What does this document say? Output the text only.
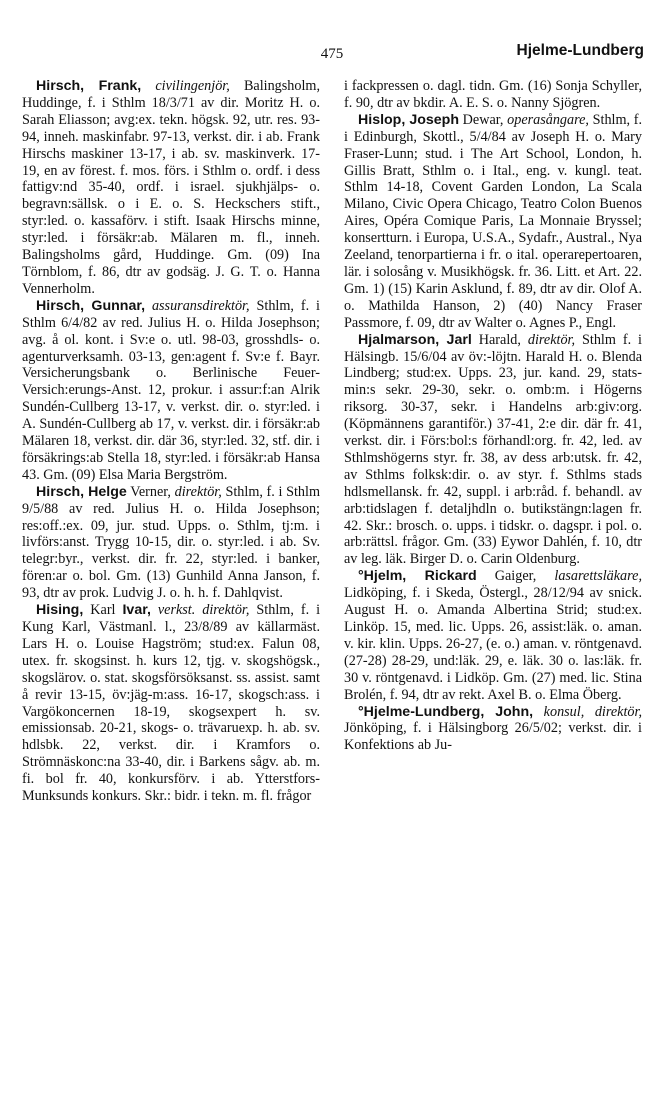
475	Hjelme-Lundberg

Hirsch, Frank, civilingenjör, Balingsholm, Huddinge, f. i Sthlm 18/3/71 av dir. Moritz H. o. Sarah Eliasson; avg:ex. tekn. högsk. 92, utr. res. 93-94, inneh. maskinfabr. 97-13, verkst. dir. i ab. Frank Hirschs maskiner 13-17, i ab. sv. maskinverk. 17-19, en av förest. f. mos. förs. i Sthlm o. ordf. i dess fattigv:nd 35-40, ordf. i israel. sjukhjälps- o. begravn:sällsk. o i E. o. S. Heckschers stift., styr:led. o. kassaförv. i stift. Isaak Hirschs minne, styr:led. i försäkr:ab. Mälaren m. fl., inneh. Balingsholms gård, Huddinge. Gm. (09) Ina Törnblom, f. 86, dtr av godsäg. J. G. T. o. Hanna Vennerholm.

Hirsch, Gunnar, assuransdirektör, Sthlm, f. i Sthlm 6/4/82 av red. Julius H. o. Hilda Josephson; avg. å ol. kont. i Sv:e o. utl. 98-03, grosshdls- o. agenturverksamh. 03-13, gen:agent f. Sv:e f. Bayr. Versicherungsbank o. Berlinische Feuer-Versich:erungs-Anst. 12, prokur. i assur:f:an Alrik Sundén-Cullberg 13-17, v. verkst. dir. o. styr:led. i A. Sundén-Cullberg ab 17, v. verkst. dir. i försäkr:ab Mälaren 18, verkst. dir. där 36, styr:led. 32, stf. dir. i försäkrings:ab Stella 18, styr:led. i försäkr:ab Hansa 43. Gm. (09) Elsa Maria Bergström.

Hirsch, Helge Verner, direktör, Sthlm, f. i Sthlm 9/5/88 av red. Julius H. o. Hilda Josephson; res:off.:ex. 09, jur. stud. Upps. o. Sthlm, tj:m. i livförs:anst. Trygg 10-15, dir. o. styr:led. i ab. Sv. telegr:byr., verkst. dir. fr. 22, styr:led. i banker, fören:ar o. bol. Gm. (13) Gunhild Anna Janson, f. 93, dtr av prok. Ludvig J. o. h. h. f. Dahlqvist.

Hising, Karl Ivar, verkst. direktör, Sthlm, f. i Kung Karl, Västmanl. l., 23/8/89 av källarmäst. Lars H. o. Louise Hagström; stud:ex. Falun 08, utex. fr. skogsinst. h. kurs 12, tjg. v. skogshögsk., skogslärov. o. stat. skogsförsöksanst. ss. assist. samt å revir 13-15, öv:jäg-m:ass. 16-17, skogsch:ass. i Vargökoncernen 18-19, skogsexpert h. sv. emissionsab. 20-21, skogs- o. trävaruexp. h. ab. sv. hdlsbk. 22, verkst. dir. i Kramfors o. Strömnäskonc:na 33-40, dir. i Barkens sågv. ab. m. fi. bol fr. 40, konkursförv. i ab. Ytterstfors-Munksunds konkurs. Skr.: bidr. i tekn. m. fl. frågor

i fackpressen o. dagl. tidn. Gm. (16) Sonja Schyller, f. 90, dtr av bkdir. A. E. S. o. Nanny Sjögren.

Hislop, Joseph Dewar, operasångare, Sthlm, f. i Edinburgh, Skottl., 5/4/84 av Joseph H. o. Mary Fraser-Lunn; stud. i The Art School, London, h. Gillis Bratt, Sthlm o. i Ital., eng. v. kungl. teat. Sthlm 14-18, Covent Garden London, La Scala Milano, Civic Opera Chicago, Teatro Colon Buenos Aires, Opéra Comique Paris, La Monnaie Bryssel; konsertturn. i Europa, U.S.A., Sydafr., Austral., Nya Zeeland, tenorpartierna i fr. o ital. operarepertoaren, lär. i solosång v. Musikhögsk. fr. 36. Litt. et Art. 22. Gm. 1) (15) Karin Asklund, f. 89, dtr av dir. Olof A. o. Mathilda Hanson, 2) (40) Nancy Fraser Passmore, f. 09, dtr av Walter o. Agnes P., Engl.

Hjalmarson, Jarl Harald, direktör, Sthlm f. i Hälsingb. 15/6/04 av öv:-löjtn. Harald H. o. Blenda Lindberg; stud:ex. Upps. 23, jur. kand. 29, stats-min:s sekr. 29-30, sekr. o. omb:m. i Högerns riksorg. 30-37, sekr. i Handelns arb:giv:org. (Köpmännens garantiför.) 37-41, 2:e dir. där fr. 41, verkst. dir. i Förs:bol:s förhandl:org. fr. 42, led. av Sthlmshögerns styr. fr. 38, av dess arb:utsk. fr. 42, av Sthlms folksk:dir. o. av styr. f. Sthlms stads hdlsmellansk. fr. 42, suppl. i arb:råd. f. behandl. av arb:tidslagen f. detaljhdln o. butikstängn:lagen fr. 42. Skr.: brosch. o. upps. i tidskr. o. dagspr. i pol. o. arb:rättsl. frågor. Gm. (33) Eywor Dahlén, f. 10, dtr av leg. läk. Birger D. o. Carin Oldenburg.

°Hjelm, Rickard Gaiger, lasarettsläkare, Lidköping, f. i Skeda, Östergl., 28/12/94 av snick. August H. o. Amanda Albertina Strid; stud:ex. Linköp. 15, med. lic. Upps. 26, assist:läk. o. aman. v. kir. klin. Upps. 26-27, (e. o.) aman. v. röntgenavd. (27-28) 28-29, und:läk. 29, e. läk. 30 o. las:läk. fr. 30 v. röntgenavd. i Lidköp. Gm. (27) med. lic. Stina Brolén, f. 94, dtr av rekt. Axel B. o. Elma Öberg.

°Hjelme-Lundberg, John, konsul, direktör, Jönköping, f. i Hälsingborg 26/5/02; verkst. dir. i Konfektions ab Ju-
